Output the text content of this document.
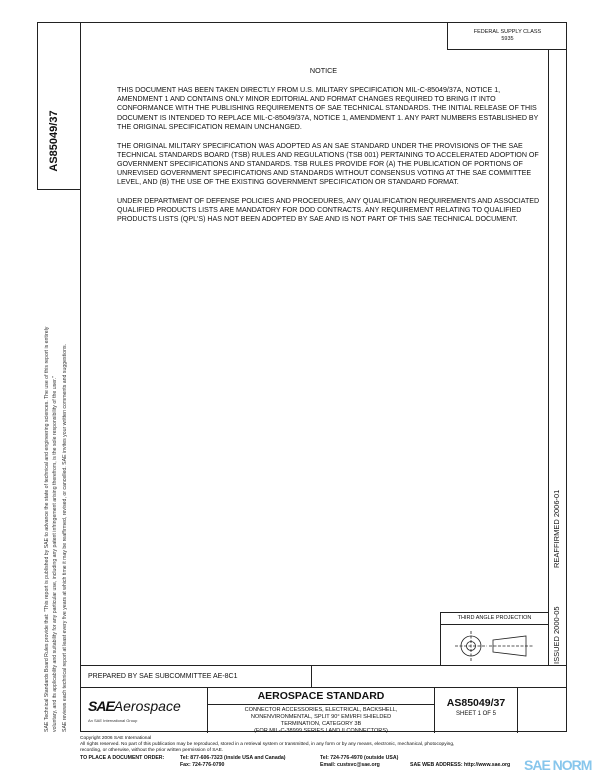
AS85049/37
SAE Technical Standards Board Rules provide that: "This report is published by SAE to advance the state of technical and engineering sciences. The use of this report is entirely voluntary, and its applicability and suitability for any particular use, including any patent infringement arising therefrom, is the sole responsibility of the user." SAE reviews each technical report at least every five years at which time it may be reaffirmed, revised, or cancelled. SAE invites your written comments and suggestions.
FEDERAL SUPPLY CLASS
5935
NOTICE

THIS DOCUMENT HAS BEEN TAKEN DIRECTLY FROM U.S. MILITARY SPECIFICATION MIL-C-85049/37A, NOTICE 1, AMENDMENT 1 AND CONTAINS ONLY MINOR EDITORIAL AND FORMAT CHANGES REQUIRED TO BRING IT INTO CONFORMANCE WITH THE PUBLISHING REQUIREMENTS OF SAE TECHNICAL STANDARDS. THE INITIAL RELEASE OF THIS DOCUMENT IS INTENDED TO REPLACE MIL-C-85049/37A, NOTICE 1, AMENDMENT 1. ANY PART NUMBERS ESTABLISHED BY THE ORIGINAL SPECIFICATION REMAIN UNCHANGED.

THE ORIGINAL MILITARY SPECIFICATION WAS ADOPTED AS AN SAE STANDARD UNDER THE PROVISIONS OF THE SAE TECHNICAL STANDARDS BOARD (TSB) RULES AND REGULATIONS (TSB 001) PERTAINING TO ACCELERATED ADOPTION OF GOVERNMENT SPECIFICATIONS AND STANDARDS. TSB RULES PROVIDE FOR (A) THE PUBLICATION OF PORTIONS OF UNREVISED GOVERNMENT SPECIFICATIONS AND STANDARDS WITHOUT CONSENSUS VOTING AT THE SAE COMMITTEE LEVEL, AND (B) THE USE OF THE EXISTING GOVERNMENT SPECIFICATION OR STANDARD FORMAT.

UNDER DEPARTMENT OF DEFENSE POLICIES AND PROCEDURES, ANY QUALIFICATION REQUIREMENTS AND ASSOCIATED QUALIFIED PRODUCTS LISTS ARE MANDATORY FOR DOD CONTRACTS. ANY REQUIREMENT RELATING TO QUALIFIED PRODUCTS LISTS (QPL'S) HAS NOT BEEN ADOPTED BY SAE AND IS NOT PART OF THIS SAE TECHNICAL DOCUMENT.

REAFFIRMED 2006-01
ISSUED 2000-05
THIRD ANGLE PROJECTION
PREPARED BY SAE SUBCOMMITTEE AE-8C1
SAEAerospace
An SAE International Group
AEROSPACE STANDARD
CONNECTOR ACCESSORIES, ELECTRICAL, BACKSHELL,
NONENVIRONMENTAL, SPLIT 90° EMI/RFI SHIELDED
TERMINATION, CATEGORY 3B
(FOR MIL-C-38999 SERIES I AND II CONNECTORS)
AS85049/37
SHEET 1 OF 5
Copyright 2006 SAE International
All rights reserved. No part of this publication may be reproduced, stored in a retrieval system or transmitted, in any form or by any means, electronic, mechanical, photocopying,
recording, or otherwise, without the prior written permission of SAE.
TO PLACE A DOCUMENT ORDER:	Tel: 877-606-7323 (inside USA and Canada)
Fax: 724-776-0790
Tel: 724-776-4970 (outside USA)
Email: custsvc@sae.org	SAE WEB ADDRESS: http://www.sae.org SAE NORM
